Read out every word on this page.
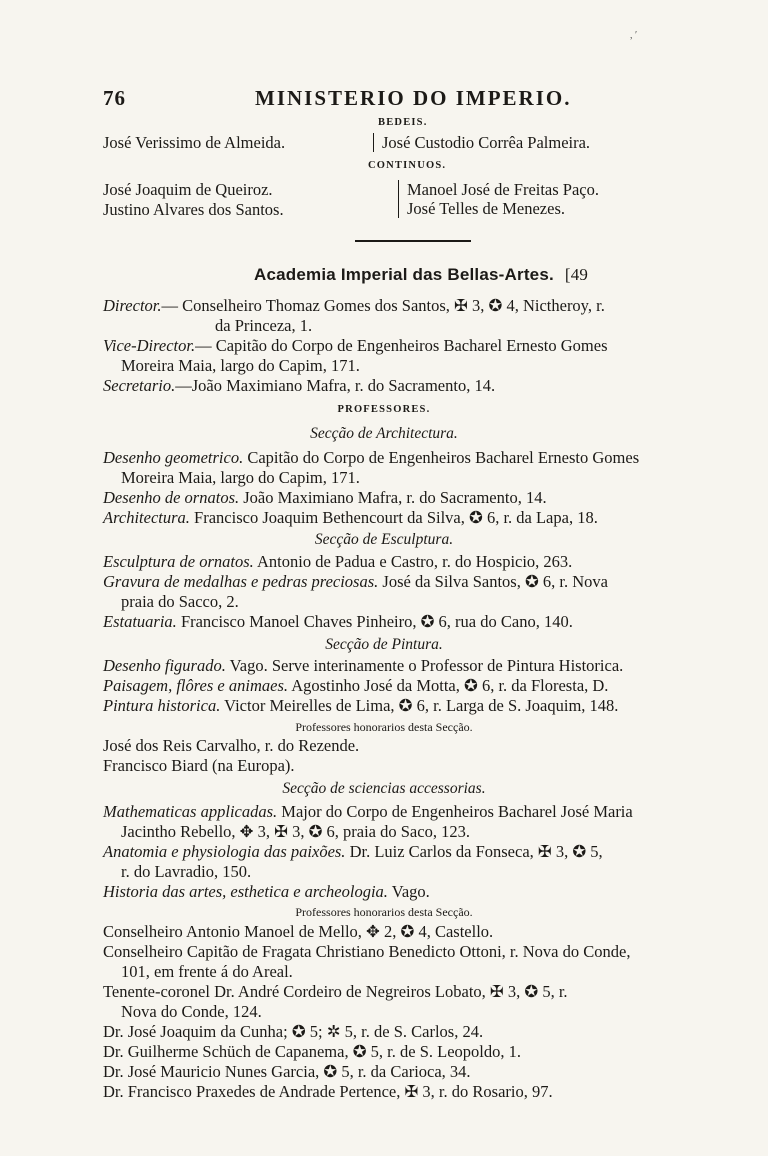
, ′
76	MINISTERIO DO IMPERIO.
BEDEIS.
José Verissimo de Almeida.	José Custodio Corrêa Palmeira.
CONTINUOS.
José Joaquim de Queiroz.
Justino Alvares dos Santos.
Manoel José de Freitas Paço.
José Telles de Menezes.
Academia Imperial das Bellas-Artes. [49
Director.— Conselheiro Thomaz Gomes dos Santos, ✠ 3, ✪ 4, Nictheroy, r.
da Princeza, 1.
Vice-Director.— Capitão do Corpo de Engenheiros Bacharel Ernesto Gomes
Moreira Maia, largo do Capim, 171.
Secretario.—João Maximiano Mafra, r. do Sacramento, 14.
PROFESSORES.
Secção de Architectura.
Desenho geometrico. Capitão do Corpo de Engenheiros Bacharel Ernesto Gomes
Moreira Maia, largo do Capim, 171.
Desenho de ornatos. João Maximiano Mafra, r. do Sacramento, 14.
Architectura. Francisco Joaquim Bethencourt da Silva, ✪ 6, r. da Lapa, 18.
Secção de Esculptura.
Esculptura de ornatos. Antonio de Padua e Castro, r. do Hospicio, 263.
Gravura de medalhas e pedras preciosas. José da Silva Santos, ✪ 6, r. Nova
praia do Sacco, 2.
Estatuaria. Francisco Manoel Chaves Pinheiro, ✪ 6, rua do Cano, 140.
Secção de Pintura.
Desenho figurado. Vago. Serve interinamente o Professor de Pintura Historica.
Paisagem, flôres e animaes. Agostinho José da Motta, ✪ 6, r. da Floresta, D.
Pintura historica. Victor Meirelles de Lima, ✪ 6, r. Larga de S. Joaquim, 148.
Professores honorarios desta Secção.
José dos Reis Carvalho, r. do Rezende.
Francisco Biard (na Europa).
Secção de sciencias accessorias.
Mathematicas applicadas. Major do Corpo de Engenheiros Bacharel José Maria
Jacintho Rebello, ✥ 3, ✠ 3, ✪ 6, praia do Saco, 123.
Anatomia e physiologia das paixões. Dr. Luiz Carlos da Fonseca, ✠ 3, ✪ 5,
r. do Lavradio, 150.
Historia das artes, esthetica e archeologia. Vago.
Professores honorarios desta Secção.
Conselheiro Antonio Manoel de Mello, ✥ 2, ✪ 4, Castello.
Conselheiro Capitão de Fragata Christiano Benedicto Ottoni, r. Nova do Conde,
101, em frente á do Areal.
Tenente-coronel Dr. André Cordeiro de Negreiros Lobato, ✠ 3, ✪ 5, r.
Nova do Conde, 124.
Dr. José Joaquim da Cunha; ✪ 5; ✲ 5, r. de S. Carlos, 24.
Dr. Guilherme Schüch de Capanema, ✪ 5, r. de S. Leopoldo, 1.
Dr. José Mauricio Nunes Garcia, ✪ 5, r. da Carioca, 34.
Dr. Francisco Praxedes de Andrade Pertence, ✠ 3, r. do Rosario, 97.
